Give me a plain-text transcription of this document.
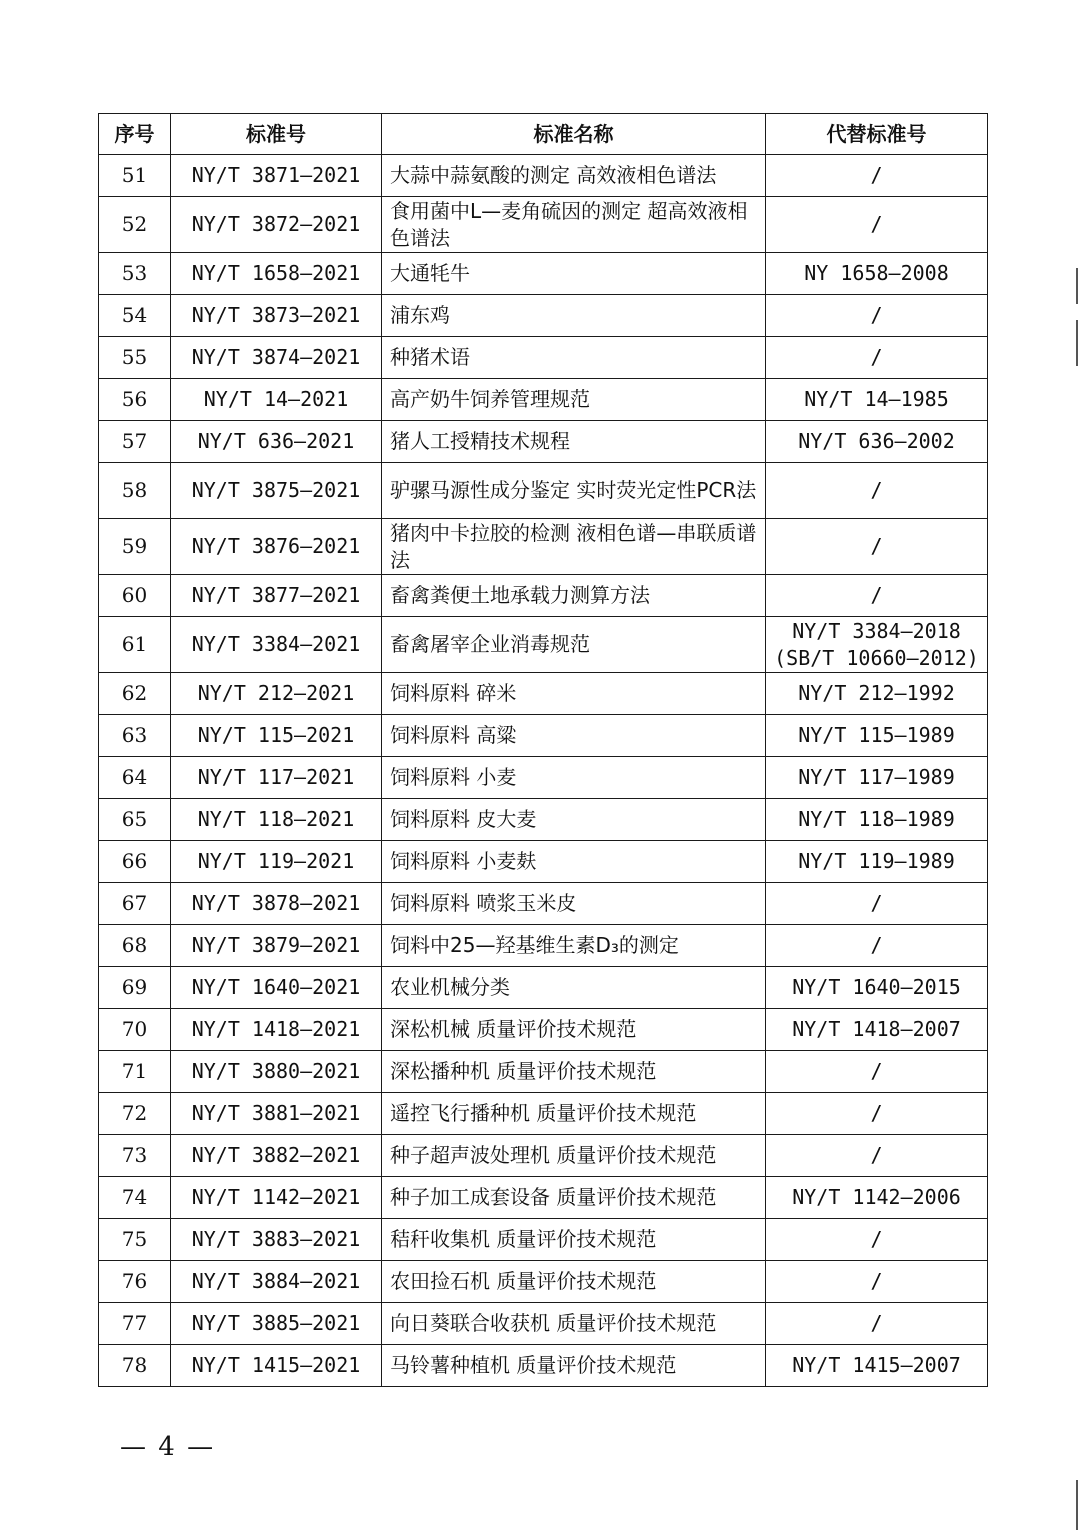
序号	标准号	标准名称	代替标准号
51	NY/T 3871—2021	大蒜中蒜氨酸的测定 高效液相色谱法	/

52	NY/T 3872—2021	食用菌中L—麦角硫因的测定 超高效液相色谱法	/

53	NY/T 1658—2021	大通牦牛	NY 1658—2008

54	NY/T 3873—2021	浦东鸡	/

55	NY/T 3874—2021	种猪术语	/

56	NY/T 14—2021	高产奶牛饲养管理规范	NY/T 14—1985

57	NY/T 636—2021	猪人工授精技术规程	NY/T 636—2002

58	NY/T 3875—2021	驴骡马源性成分鉴定 实时荧光定性PCR法	/

59	NY/T 3876—2021	猪肉中卡拉胶的检测 液相色谱—串联质谱法	/

60	NY/T 3877—2021	畜禽粪便土地承载力测算方法	/

61	NY/T 3384—2021	畜禽屠宰企业消毒规范	NY/T 3384—2018
(SB/T 10660—2012)

62	NY/T 212—2021	饲料原料 碎米	NY/T 212—1992

63	NY/T 115—2021	饲料原料 高粱	NY/T 115—1989

64	NY/T 117—2021	饲料原料 小麦	NY/T 117—1989

65	NY/T 118—2021	饲料原料 皮大麦	NY/T 118—1989

66	NY/T 119—2021	饲料原料 小麦麸	NY/T 119—1989

67	NY/T 3878—2021	饲料原料 喷浆玉米皮	/

68	NY/T 3879—2021	饲料中25—羟基维生素D₃的测定	/

69	NY/T 1640—2021	农业机械分类	NY/T 1640—2015

70	NY/T 1418—2021	深松机械 质量评价技术规范	NY/T 1418—2007

71	NY/T 3880—2021	深松播种机 质量评价技术规范	/

72	NY/T 3881—2021	遥控飞行播种机 质量评价技术规范	/

73	NY/T 3882—2021	种子超声波处理机 质量评价技术规范	/

74	NY/T 1142—2021	种子加工成套设备 质量评价技术规范	NY/T 1142—2006

75	NY/T 3883—2021	秸秆收集机 质量评价技术规范	/

76	NY/T 3884—2021	农田捡石机 质量评价技术规范	/

77	NY/T 3885—2021	向日葵联合收获机 质量评价技术规范	/

78	NY/T 1415—2021	马铃薯种植机 质量评价技术规范	NY/T 1415—2007
— 4 —
